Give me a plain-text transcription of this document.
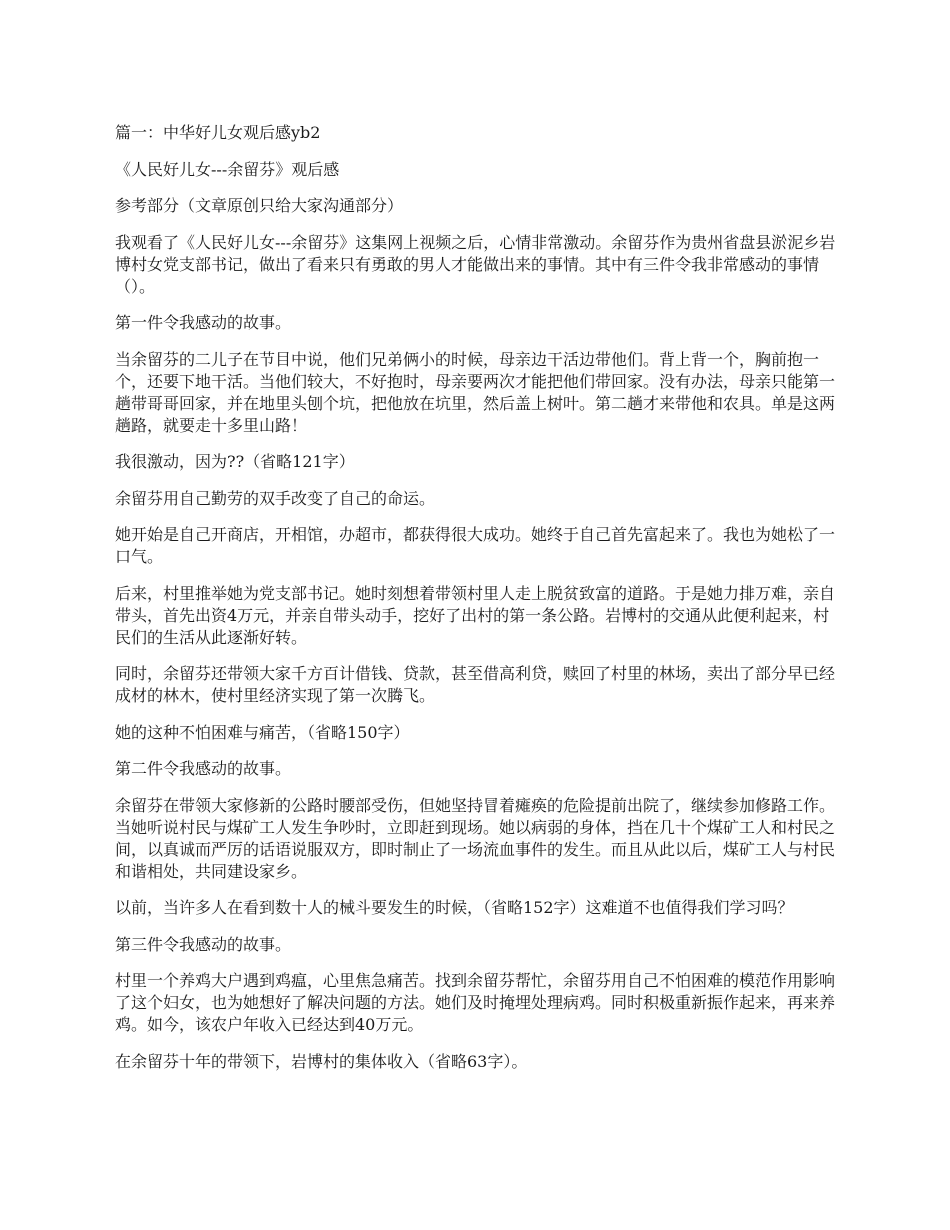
篇一：中华好儿女观后感yb2

《人民好儿女---余留芬》观后感

参考部分（文章原创只给大家沟通部分）

我观看了《人民好儿女---余留芬》这集网上视频之后，心情非常激动。余留芬作为贵州省盘县淤泥乡岩博村女党支部书记，做出了看来只有勇敢的男人才能做出来的事情。其中有三件令我非常感动的事情（）。

第一件令我感动的故事。

当余留芬的二儿子在节目中说，他们兄弟俩小的时候，母亲边干活边带他们。背上背一个，胸前抱一个，还要下地干活。当他们较大，不好抱时，母亲要两次才能把他们带回家。没有办法，母亲只能第一趟带哥哥回家，并在地里头刨个坑，把他放在坑里，然后盖上树叶。第二趟才来带他和农具。单是这两趟路，就要走十多里山路！

我很激动，因为??（省略121字）

余留芬用自己勤劳的双手改变了自己的命运。

她开始是自己开商店，开相馆，办超市，都获得很大成功。她终于自己首先富起来了。我也为她松了一口气。

后来，村里推举她为党支部书记。她时刻想着带领村里人走上脱贫致富的道路。于是她力排万难，亲自带头，首先出资4万元，并亲自带头动手，挖好了出村的第一条公路。岩博村的交通从此便利起来，村民们的生活从此逐渐好转。

同时，余留芬还带领大家千方百计借钱、贷款，甚至借高利贷，赎回了村里的林场，卖出了部分早已经成材的林木，使村里经济实现了第一次腾飞。

她的这种不怕困难与痛苦，（省略150字）

第二件令我感动的故事。

余留芬在带领大家修新的公路时腰部受伤，但她坚持冒着瘫痪的危险提前出院了，继续参加修路工作。当她听说村民与煤矿工人发生争吵时，立即赶到现场。她以病弱的身体，挡在几十个煤矿工人和村民之间，以真诚而严厉的话语说服双方，即时制止了一场流血事件的发生。而且从此以后，煤矿工人与村民和谐相处，共同建设家乡。

以前，当许多人在看到数十人的械斗要发生的时候，（省略152字）这难道不也值得我们学习吗？

第三件令我感动的故事。

村里一个养鸡大户遇到鸡瘟，心里焦急痛苦。找到余留芬帮忙，余留芬用自己不怕困难的模范作用影响了这个妇女，也为她想好了解决问题的方法。她们及时掩埋处理病鸡。同时积极重新振作起来，再来养鸡。如今，该农户年收入已经达到40万元。

在余留芬十年的带领下，岩博村的集体收入（省略63字）。
